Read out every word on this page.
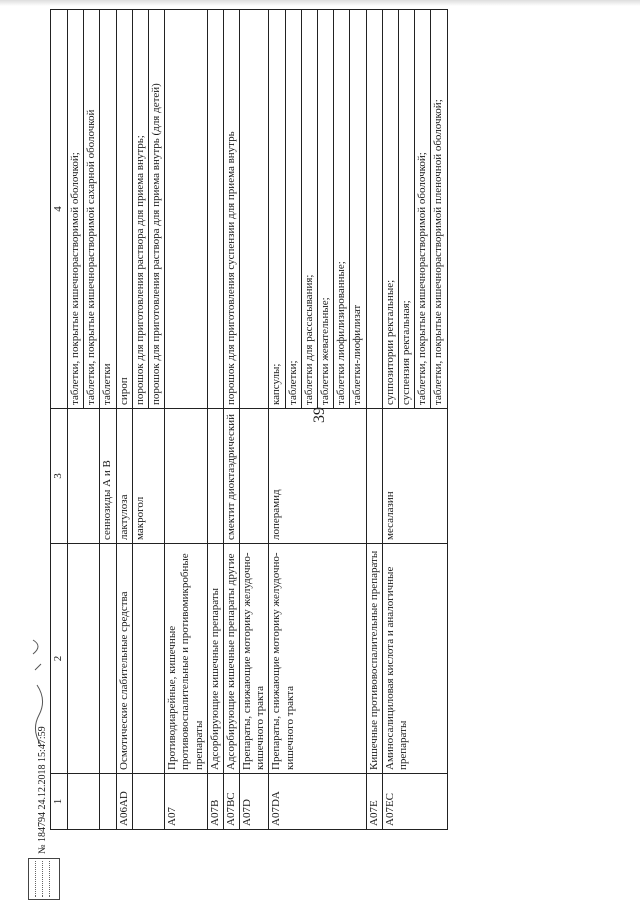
39
1	2	3	4
			таблетки, покрытые кишечнорастворимой оболочкой;
			таблетки, покрытые кишечнорастворимой сахарной оболочкой
		сеннозиды А и В	таблетки
A06AD	Осмотические слабительные средства	лактулоза	сироп
		макрогол	порошок для приготовления раствора для приема внутрь;
			порошок для приготовления раствора для приема внутрь (для детей)
A07	Противодиарейные, кишечные противовоспалительные и противомикробные препараты		
A07B	Адсорбирующие кишечные препараты		
A07BC	Адсорбирующие кишечные препараты другие	смектит диоктаэдрический	порошок для приготовления суспензии для приема внутрь
A07D	Препараты, снижающие моторику желудочно-кишечного тракта		
A07DA	Препараты, снижающие моторику желудочно-кишечного тракта	лоперамид	капсулы;
			таблетки;
			таблетки для рассасывания;
			таблетки жевательные;
			таблетки лиофилизированные;
			таблетки-лиофилизат
A07E	Кишечные противовоспалительные препараты		
A07EC	Аминосалициловая кислота и аналогичные препараты	месалазин	суппозитории ректальные;
			суспензия ректальная;
			таблетки, покрытые кишечнорастворимой оболочкой;
			таблетки, покрытые кишечнорастворимой пленочной оболочкой;
№ 184794 24.12.2018 15:47:59
